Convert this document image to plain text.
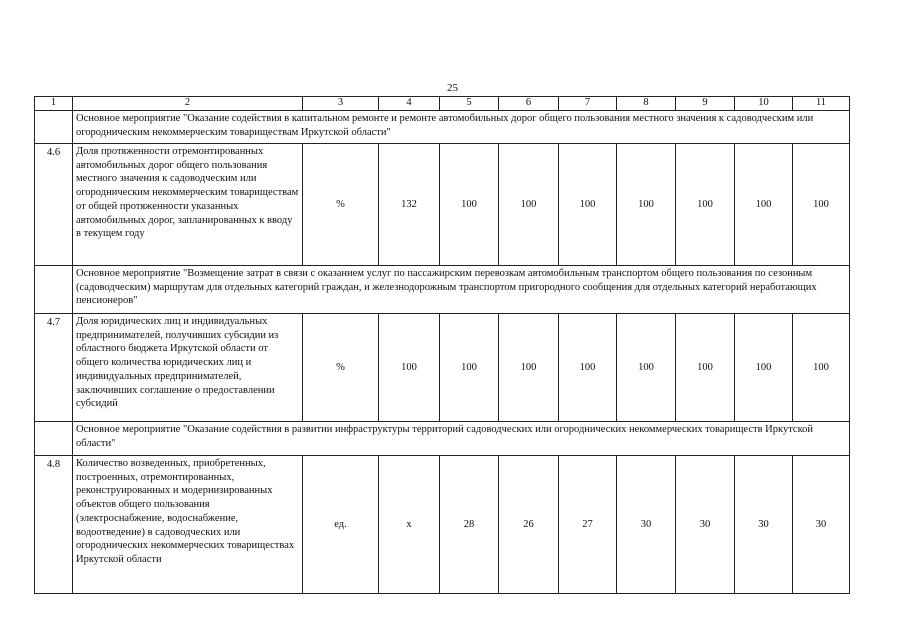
25
1	2	3	4	5	6	7	8	9	10	11
	Основное мероприятие "Оказание содействия в капитальном ремонте и ремонте автомобильных дорог общего пользования местного значения к садоводческим или огородническим некоммерческим товариществам Иркутской области"									
4.6	Доля протяженности отремонтированных автомобильных дорог общего пользования местного значения к садоводческим или огородническим некоммерческим товариществам от общей протяженности указанных автомобильных дорог, запланированных к вводу в текущем году	%	132	100	100	100	100	100	100	100
	Основное мероприятие "Возмещение затрат в связи с оказанием услуг по пассажирским перевозкам автомобильным транспортом общего пользования по сезонным (садоводческим) маршрутам для отдельных категорий граждан, и железнодорожным транспортом пригородного сообщения для отдельных категорий неработающих пенсионеров"									
4.7	Доля юридических лиц и индивидуальных предпринимателей, получивших субсидии из областного бюджета Иркутской области от общего количества юридических лиц и индивидуальных предпринимателей, заключивших соглашение о предоставлении субсидий	%	100	100	100	100	100	100	100	100
	Основное мероприятие "Оказание содействия в развитии инфраструктуры территорий садоводческих или огороднических некоммерческих товариществ Иркутской области"									
4.8	Количество возведенных, приобретенных, построенных, отремонтированных, реконструированных и модернизированных объектов общего пользования (электроснабжение, водоснабжение, водоотведение) в садоводческих или огороднических некоммерческих товариществах Иркутской области	ед.	х	28	26	27	30	30	30	30
